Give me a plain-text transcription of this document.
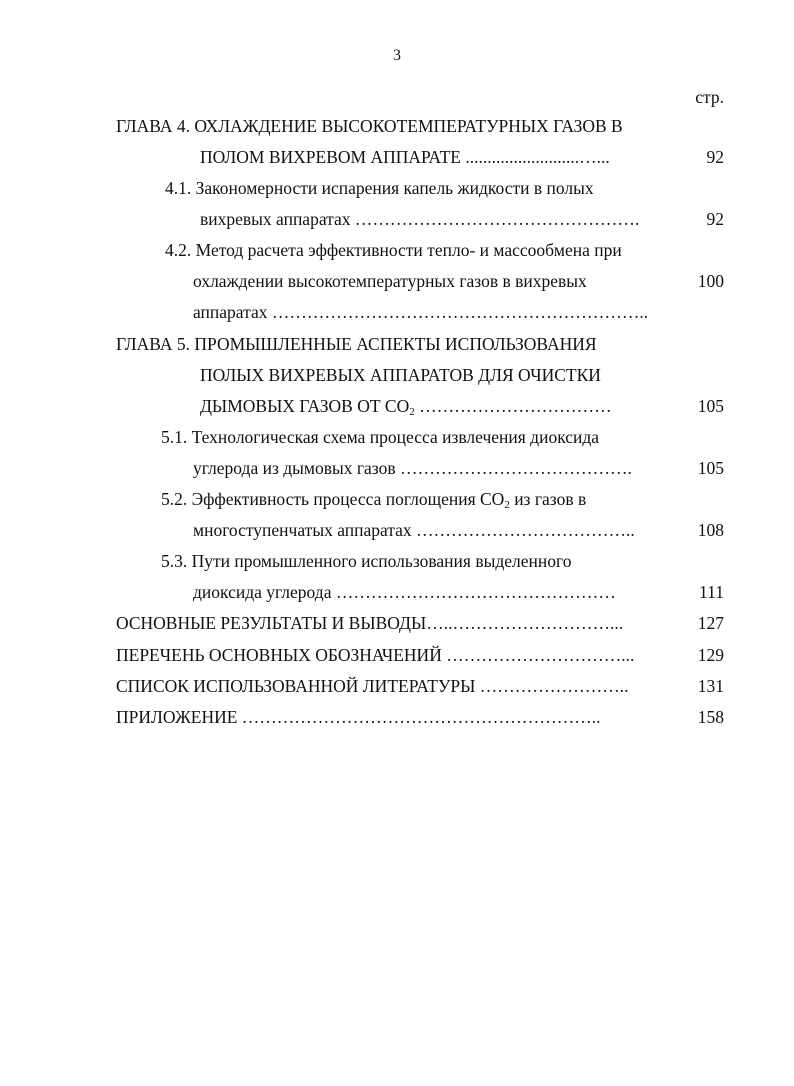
3
стр.
ГЛАВА 4. ОХЛАЖДЕНИЕ ВЫСОКОТЕМПЕРАТУРНЫХ ГАЗОВ В
ПОЛОМ ВИХРЕВОМ АППАРАТЕ ..........................…...	92
4.1. Закономерности испарения капель жидкости в полых
вихревых аппаратах ………………………………………….	92
4.2. Метод расчета эффективности тепло- и массообмена при
охлаждении высокотемпературных газов в вихревых	100
аппаратах ………………………………………………………..
ГЛАВА 5. ПРОМЫШЛЕННЫЕ АСПЕКТЫ ИСПОЛЬЗОВАНИЯ
ПОЛЫХ ВИХРЕВЫХ АППАРАТОВ ДЛЯ ОЧИСТКИ
ДЫМОВЫХ ГАЗОВ ОТ $СО_2$ ……………………………	105
5.1. Технологическая схема процесса извлечения диоксида
углерода из дымовых газов ………………………………….	105
5.2. Эффективность процесса поглощения $СО_2$ из газов в
многоступенчатых аппаратах ………………………………..	108
5.3. Пути промышленного использования выделенного
диоксида углерода …………………………………………	111
ОСНОВНЫЕ РЕЗУЛЬТАТЫ И ВЫВОДЫ…..………………………...	127
ПЕРЕЧЕНЬ ОСНОВНЫХ ОБОЗНАЧЕНИЙ …………………………...	129
СПИСОК ИСПОЛЬЗОВАННОЙ ЛИТЕРАТУРЫ ……………………..	131
ПРИЛОЖЕНИЕ ……………………………………………………..	158
